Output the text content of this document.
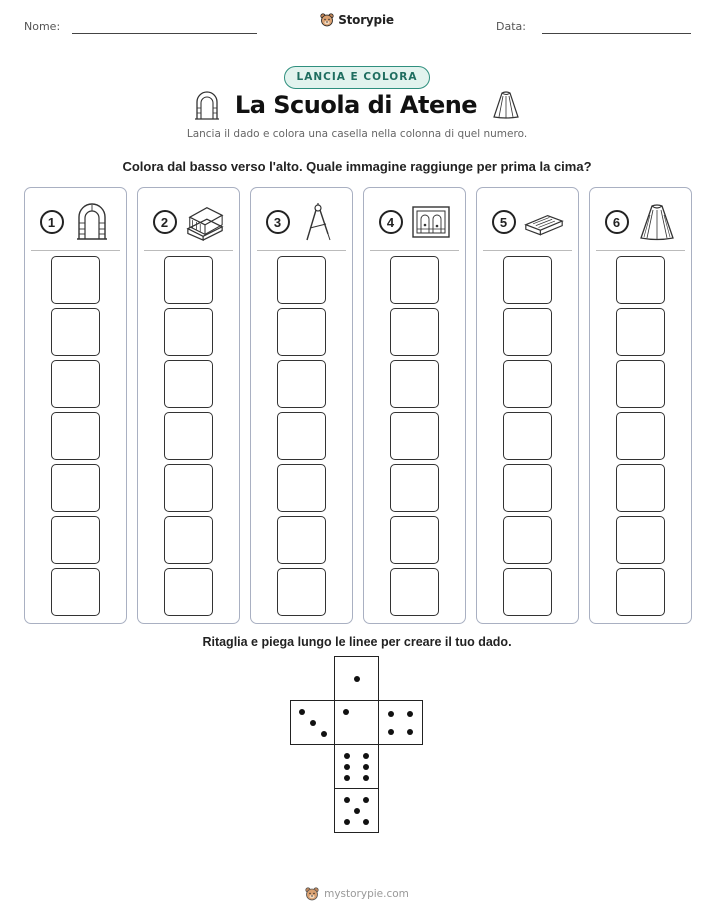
Nome:	Storypie	Data:
LANCIA E COLORA
La Scuola di Atene
Lancia il dado e colora una casella nella colonna di quel numero.
Colora dal basso verso l'alto. Quale immagine raggiunge per prima la cima?
1	2	3	4	5	6
Ritaglia e piega lungo le linee per creare il tuo dado.
mystorypie.com
